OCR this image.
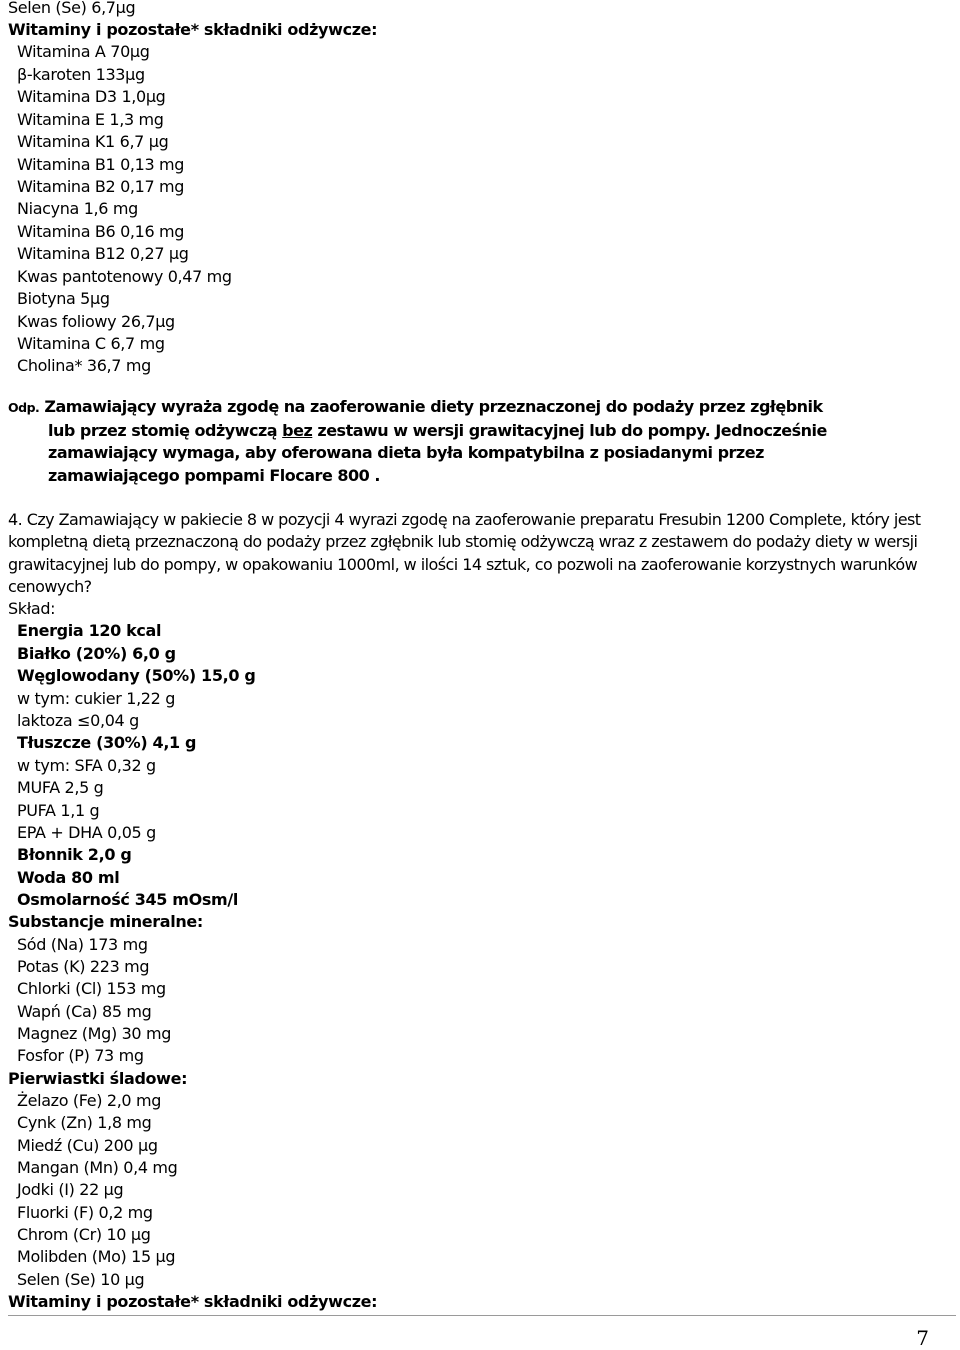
Selen (Se) 6,7µg
Witaminy i pozostałe* składniki odżywcze:
Witamina A 70µg
β-karoten 133µg
Witamina D3 1,0µg
Witamina E 1,3 mg
Witamina K1 6,7 µg
Witamina B1 0,13 mg
Witamina B2 0,17 mg
Niacyna 1,6 mg
Witamina B6 0,16 mg
Witamina B12 0,27 µg
Kwas pantotenowy 0,47 mg
Biotyna 5µg
Kwas foliowy 26,7µg
Witamina C 6,7 mg
Cholina* 36,7 mg
Odp. Zamawiający wyraża zgodę na zaoferowanie diety przeznaczonej do podaży przez zgłębnik
lub przez stomię odżywczą bez zestawu w wersji grawitacyjnej lub do pompy. Jednocześnie
zamawiający wymaga, aby oferowana dieta była kompatybilna z posiadanymi przez
zamawiającego pompami Flocare 800 .
4. Czy Zamawiający w pakiecie 8 w pozycji 4 wyrazi zgodę na zaoferowanie preparatu Fresubin 1200 Complete, który jest kompletną dietą przeznaczoną do podaży przez zgłębnik lub stomię odżywczą wraz z zestawem do podaży diety w wersji grawitacyjnej lub do pompy, w opakowaniu 1000ml, w ilości 14 sztuk, co pozwoli na zaoferowanie korzystnych warunków cenowych?
Skład:
Energia 120 kcal
Białko (20%) 6,0 g
Węglowodany (50%) 15,0 g
w tym: cukier 1,22 g
laktoza ≤0,04 g
Tłuszcze (30%) 4,1 g
w tym: SFA 0,32 g
MUFA 2,5 g
PUFA 1,1 g
EPA + DHA 0,05 g
Błonnik 2,0 g
Woda 80 ml
Osmolarność 345 mOsm/l
Substancje mineralne:
Sód (Na) 173 mg
Potas (K) 223 mg
Chlorki (Cl) 153 mg
Wapń (Ca) 85 mg
Magnez (Mg) 30 mg
Fosfor (P) 73 mg
Pierwiastki śladowe:
Żelazo (Fe) 2,0 mg
Cynk (Zn) 1,8 mg
Miedź (Cu) 200 µg
Mangan (Mn) 0,4 mg
Jodki (I) 22 µg
Fluorki (F) 0,2 mg
Chrom (Cr) 10 µg
Molibden (Mo) 15 µg
Selen (Se) 10 µg
Witaminy i pozostałe* składniki odżywcze:
7
